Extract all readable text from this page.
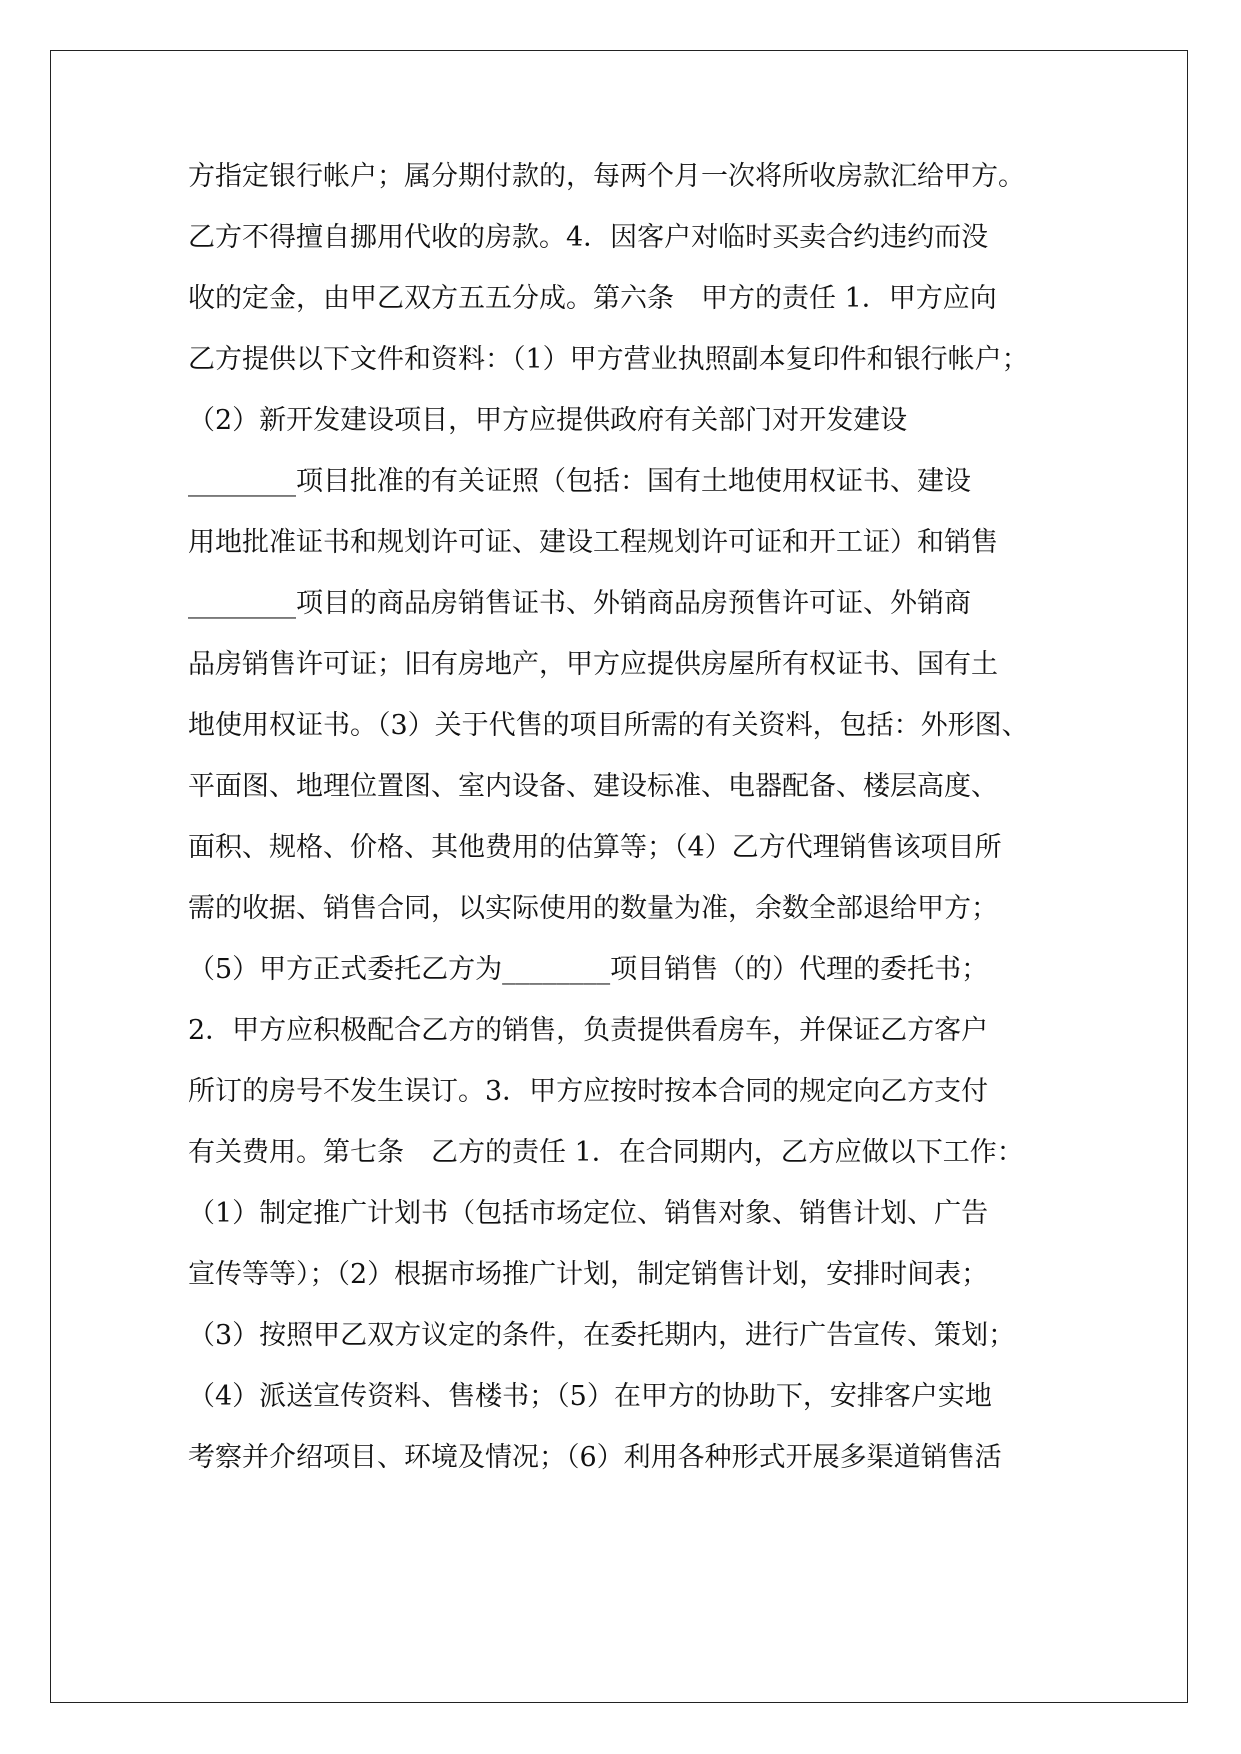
方指定银行帐户；属分期付款的，每两个月一次将所收房款汇给甲方。
乙方不得擅自挪用代收的房款。4．因客户对临时买卖合约违约而没
收的定金，由甲乙双方五五分成。第六条　甲方的责任 1．甲方应向
乙方提供以下文件和资料：（1）甲方营业执照副本复印件和银行帐户；
（2）新开发建设项目，甲方应提供政府有关部门对开发建设
________项目批准的有关证照（包括：国有土地使用权证书、建设
用地批准证书和规划许可证、建设工程规划许可证和开工证）和销售
________项目的商品房销售证书、外销商品房预售许可证、外销商
品房销售许可证；旧有房地产，甲方应提供房屋所有权证书、国有土
地使用权证书。（3）关于代售的项目所需的有关资料，包括：外形图、
平面图、地理位置图、室内设备、建设标准、电器配备、楼层高度、
面积、规格、价格、其他费用的估算等；（4）乙方代理销售该项目所
需的收据、销售合同，以实际使用的数量为准，余数全部退给甲方；
（5）甲方正式委托乙方为________项目销售（的）代理的委托书；
2．甲方应积极配合乙方的销售，负责提供看房车，并保证乙方客户
所订的房号不发生误订。3．甲方应按时按本合同的规定向乙方支付
有关费用。第七条　乙方的责任 1．在合同期内，乙方应做以下工作：
（1）制定推广计划书（包括市场定位、销售对象、销售计划、广告
宣传等等）；（2）根据市场推广计划，制定销售计划，安排时间表；
（3）按照甲乙双方议定的条件，在委托期内，进行广告宣传、策划；
（4）派送宣传资料、售楼书；（5）在甲方的协助下，安排客户实地
考察并介绍项目、环境及情况；（6）利用各种形式开展多渠道销售活
